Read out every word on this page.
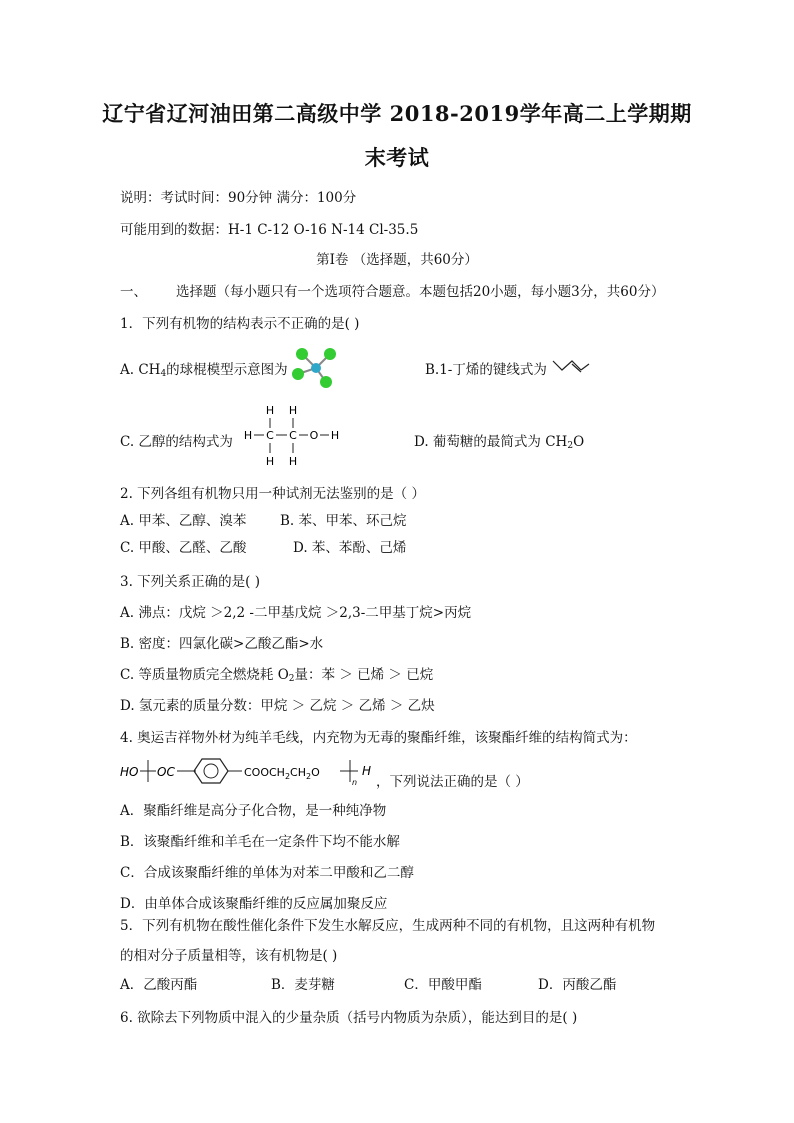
辽宁省辽河油田第二高级中学 2018-2019学年高二上学期期
末考试
说明：考试时间：90分钟 满分：100分
可能用到的数据：H-1 C-12 O-16 N-14 Cl-35.5
第Ⅰ卷 （选择题，共60分）
一、 选择题（每小题只有一个选项符合题意。本题包括20小题，每小题3分，共60分）
1．下列有机物的结构表示不正确的是( )
A. $CH_4$的球棍模型示意图为	B.1-丁烯的键线式为
C. 乙醇的结构式为
H H
H C C O H
H H
D. 葡萄糖的最简式为 $CH_2O$
2. 下列各组有机物只用一种试剂无法鉴别的是（ ）
A. 甲苯、乙醇、溴苯 B. 苯、甲苯、环己烷
C. 甲酸、乙醛、乙酸	D. 苯、苯酚、己烯
3. 下列关系正确的是( )
A. 沸点：戊烷 ＞2,2 -二甲基戊烷 ＞2,3-二甲基丁烷>丙烷
B. 密度：四氯化碳>乙酸乙酯>水
C. 等质量物质完全燃烧耗 $O_2$量：苯 ＞ 已烯 ＞ 已烷
D. 氢元素的质量分数：甲烷 ＞ 乙烷 ＞ 乙烯 ＞ 乙炔
4. 奥运吉祥物外材为纯羊毛线，内充物为无毒的聚酯纤维，该聚酯纤维的结构简式为：
HO OC	$COOCH_2CH_2O$
n
H
，下列说法正确的是（ ）
A．聚酯纤维是高分子化合物，是一种纯净物
B．该聚酯纤维和羊毛在一定条件下均不能水解
C．合成该聚酯纤维的单体为对苯二甲酸和乙二醇
D．由单体合成该聚酯纤维的反应属加聚反应
5．下列有机物在酸性催化条件下发生水解反应，生成两种不同的有机物，且这两种有机物
的相对分子质量相等，该有机物是( )
A．乙酸丙酯	B．麦芽糖	C．甲酸甲酯	D．丙酸乙酯
6. 欲除去下列物质中混入的少量杂质（括号内物质为杂质），能达到目的是( )
